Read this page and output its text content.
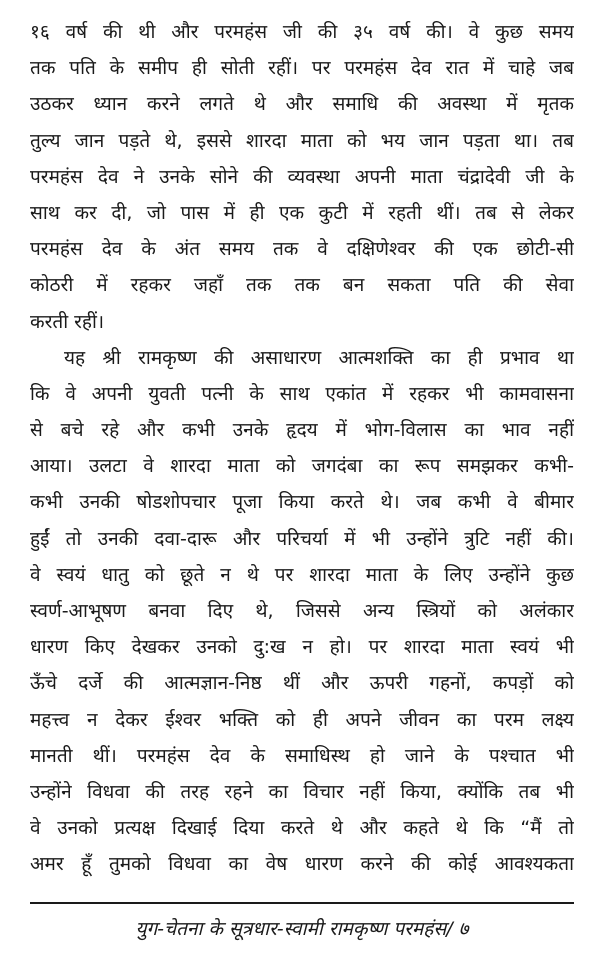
१६ वर्ष की थी और परमहंस जी की ३५ वर्ष की। वे कुछ समय
तक पति के समीप ही सोती रहीं। पर परमहंस देव रात में चाहे जब
उठकर ध्यान करने लगते थे और समाधि की अवस्था में मृतक
तुल्य जान पड़ते थे, इससे शारदा माता को भय जान पड़ता था। तब
परमहंस देव ने उनके सोने की व्यवस्था अपनी माता चंद्रादेवी जी के
साथ कर दी, जो पास में ही एक कुटी में रहती थीं। तब से लेकर
परमहंस देव के अंत समय तक वे दक्षिणेश्वर की एक छोटी-सी
कोठरी में रहकर जहाँ तक तक बन सकता पति की सेवा
करती रहीं।
यह श्री रामकृष्ण की असाधारण आत्मशक्ति का ही प्रभाव था
कि वे अपनी युवती पत्नी के साथ एकांत में रहकर भी कामवासना
से बचे रहे और कभी उनके हृदय में भोग-विलास का भाव नहीं
आया। उलटा वे शारदा माता को जगदंबा का रूप समझकर कभी-
कभी उनकी षोडशोपचार पूजा किया करते थे। जब कभी वे बीमार
हुईं तो उनकी दवा-दारू और परिचर्या में भी उन्होंने त्रुटि नहीं की।
वे स्वयं धातु को छूते न थे पर शारदा माता के लिए उन्होंने कुछ
स्वर्ण-आभूषण बनवा दिए थे, जिससे अन्य स्त्रियों को अलंकार
धारण किए देखकर उनको दु:ख न हो। पर शारदा माता स्वयं भी
ऊँचे दर्जे की आत्मज्ञान-निष्ठ थीं और ऊपरी गहनों, कपड़ों को
महत्त्व न देकर ईश्वर भक्ति को ही अपने जीवन का परम लक्ष्य
मानती थीं। परमहंस देव के समाधिस्थ हो जाने के पश्चात भी
उन्होंने विधवा की तरह रहने का विचार नहीं किया, क्योंकि तब भी
वे उनको प्रत्यक्ष दिखाई दिया करते थे और कहते थे कि “मैं तो
अमर हूँ तुमको विधवा का वेष धारण करने की कोई आवश्यकता
युग-चेतना के सूत्रधार-स्वामी रामकृष्ण परमहंस/ ७
